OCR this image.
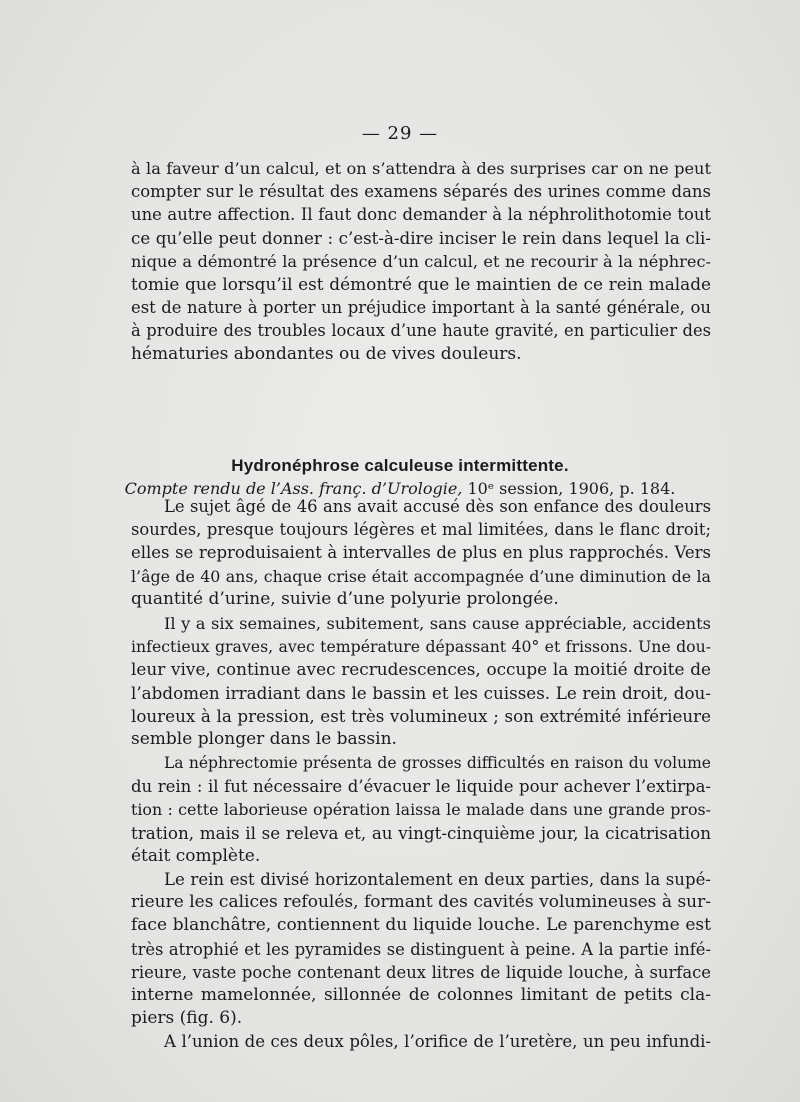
— 29 —
à la faveur d’un calcul, et on s’attendra à des surprises car on ne peut
compter sur le résultat des examens séparés des urines comme dans
une autre affection. Il faut donc demander à la néphrolithotomie tout
ce qu’elle peut donner : c’est-à-dire inciser le rein dans lequel la cli-
nique a démontré la présence d’un calcul, et ne recourir à la néphrec-
tomie que lorsqu’il est démontré que le maintien de ce rein malade
est de nature à porter un préjudice important à la santé générale, ou
à produire des troubles locaux d’une haute gravité, en particulier des
hématuries abondantes ou de vives douleurs.
Hydronéphrose calculeuse intermittente.
Compte rendu de l’Ass. franç. d’Urologie, 10ᵉ session, 1906, p. 184.
Le sujet âgé de 46 ans avait accusé dès son enfance des douleurs
sourdes, presque toujours légères et mal limitées, dans le flanc droit;
elles se reproduisaient à intervalles de plus en plus rapprochés. Vers
l’âge de 40 ans, chaque crise était accompagnée d’une diminution de la
quantité d’urine, suivie d’une polyurie prolongée.
Il y a six semaines, subitement, sans cause appréciable, accidents
infectieux graves, avec température dépassant 40° et frissons. Une dou-
leur vive, continue avec recrudescences, occupe la moitié droite de
l’abdomen irradiant dans le bassin et les cuisses. Le rein droit, dou-
loureux à la pression, est très volumineux ; son extrémité inférieure
semble plonger dans le bassin.
La néphrectomie présenta de grosses difficultés en raison du volume
du rein : il fut nécessaire d’évacuer le liquide pour achever l’extirpa-
tion : cette laborieuse opération laissa le malade dans une grande pros-
tration, mais il se releva et, au vingt-cinquième jour, la cicatrisation
était complète.
Le rein est divisé horizontalement en deux parties, dans la supé-
rieure les calices refoulés, formant des cavités volumineuses à sur-
face blanchâtre, contiennent du liquide louche. Le parenchyme est
très atrophié et les pyramides se distinguent à peine. A la partie infé-
rieure, vaste poche contenant deux litres de liquide louche, à surface
interne mamelonnée, sillonnée de colonnes limitant de petits cla-
piers (fig. 6).
A l’union de ces deux pôles, l’orifice de l’uretère, un peu infundi-
